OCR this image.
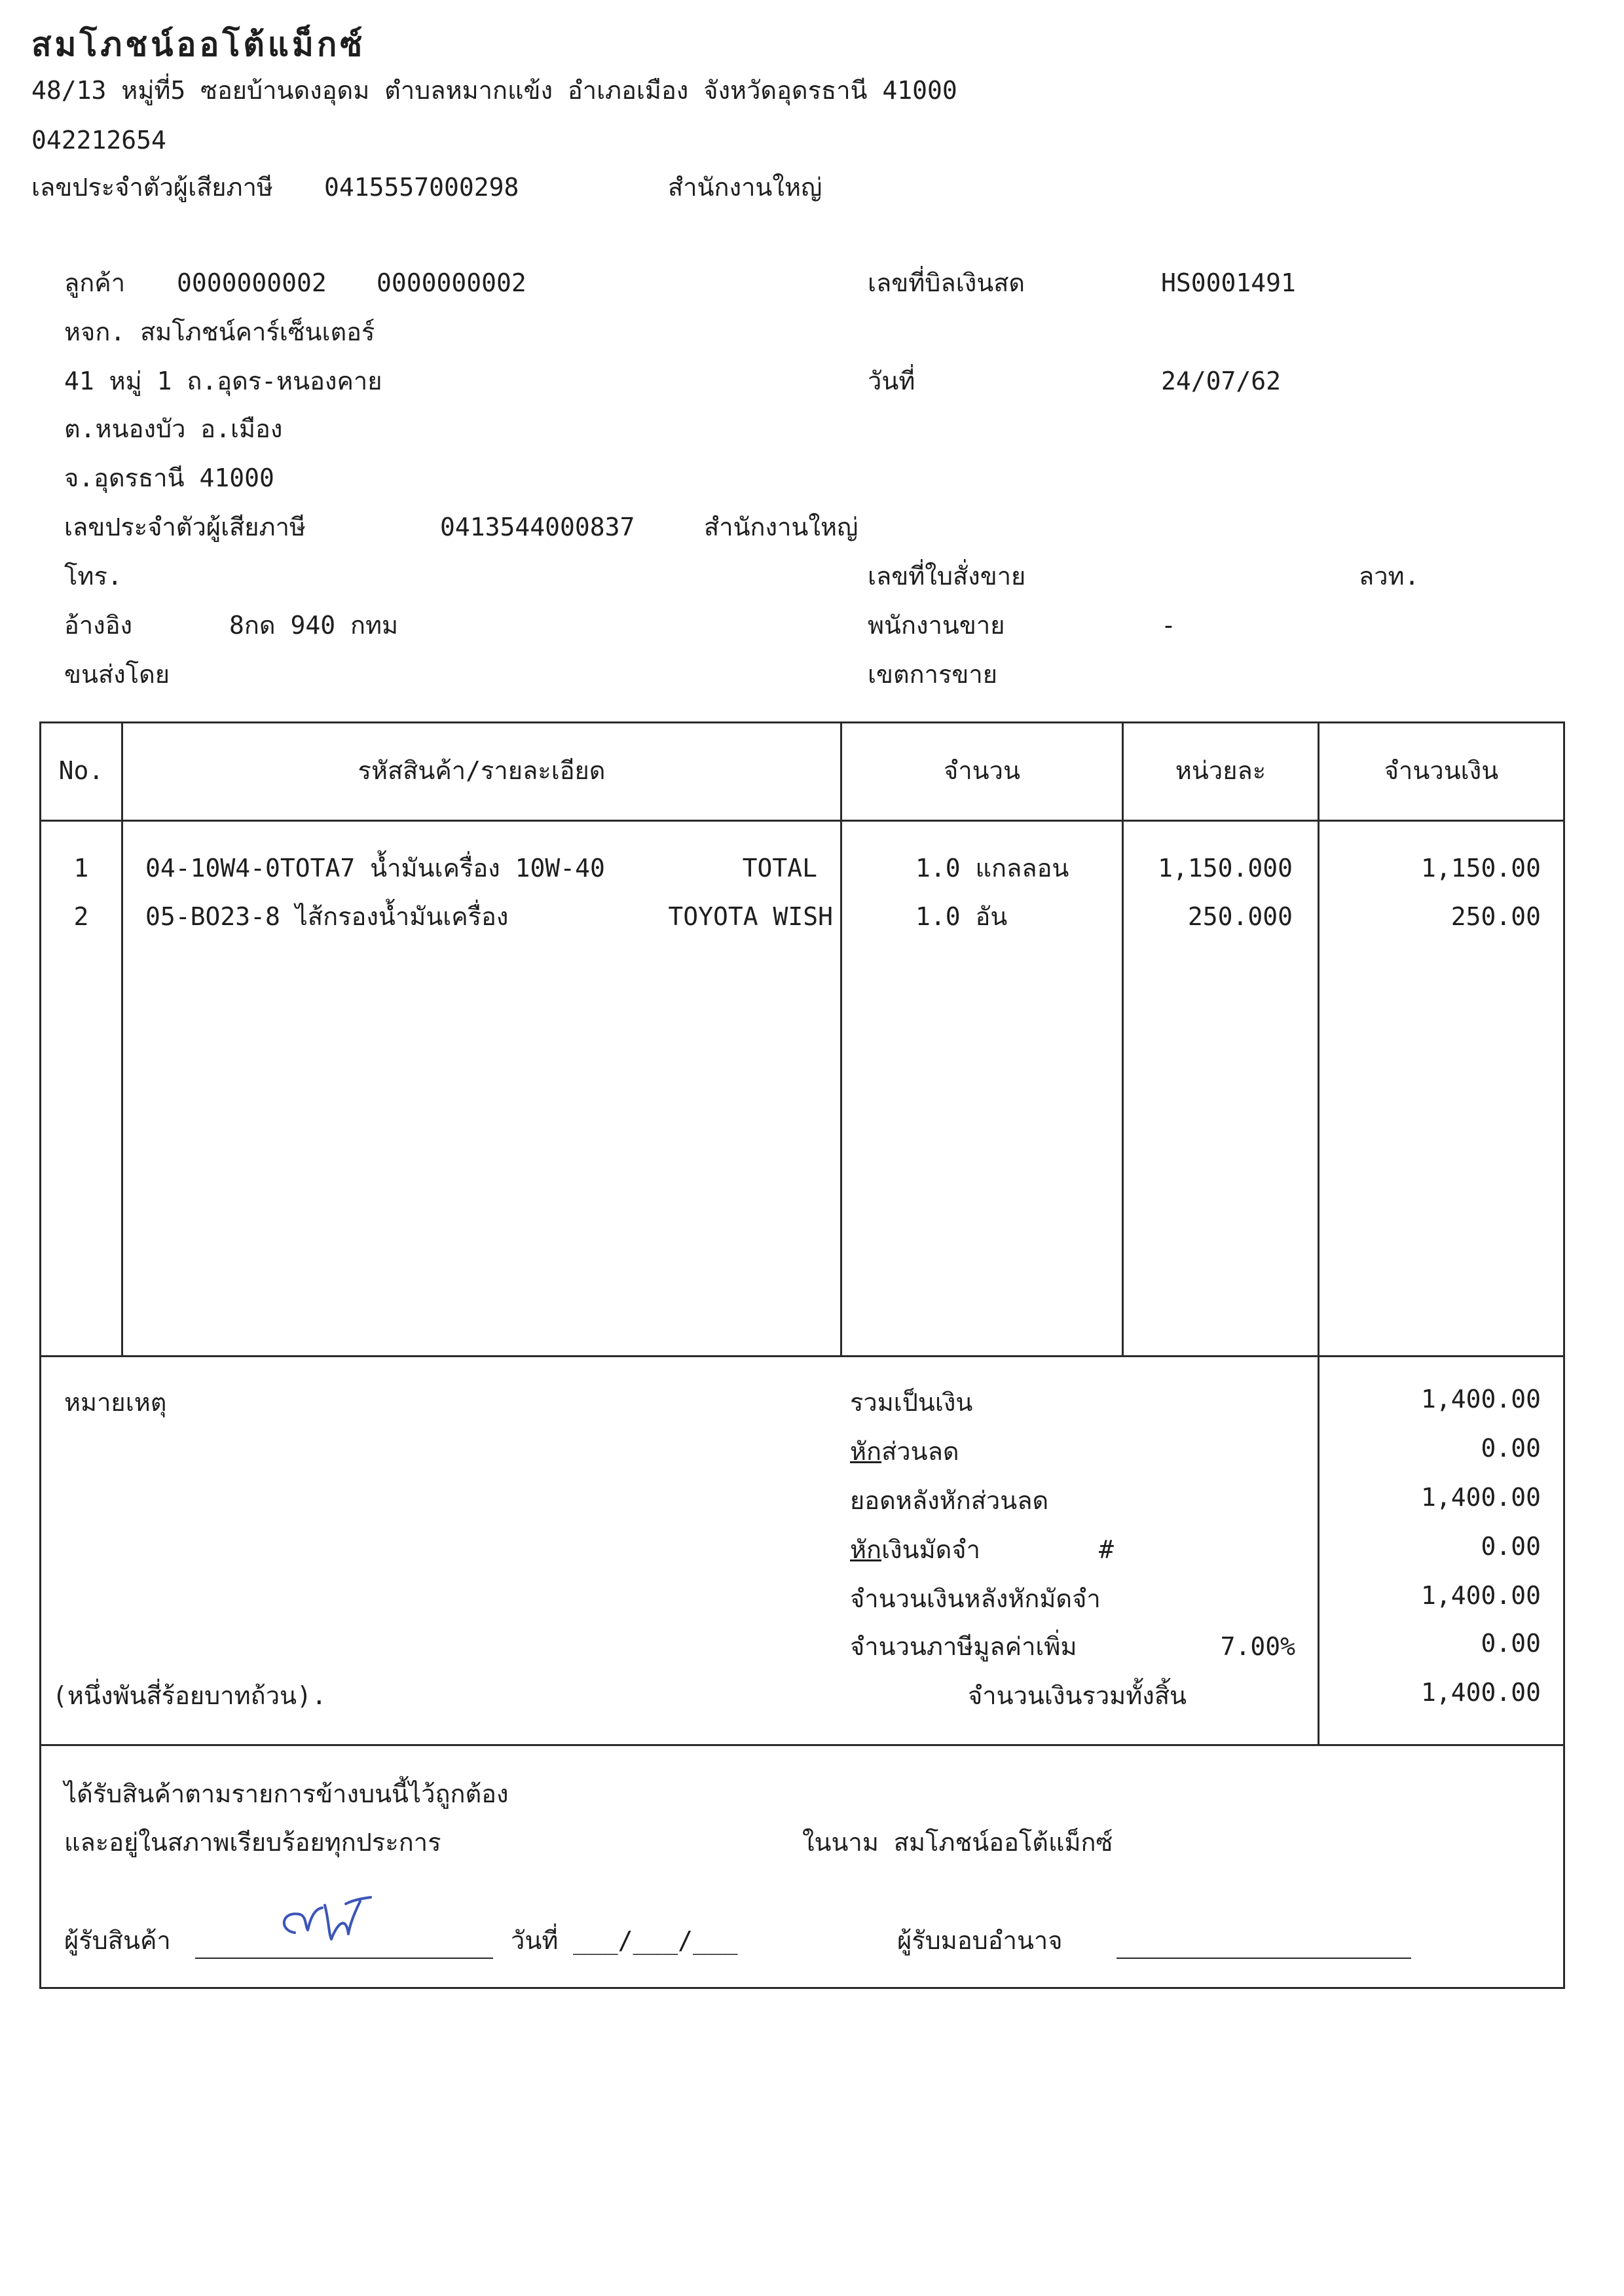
สมโภชน์ออโต้แม็กซ์
48/13 หมู่ที่5 ซอยบ้านดงอุดม ตำบลหมากแข้ง อำเภอเมือง จังหวัดอุดรธานี 41000
042212654
เลขประจำตัวผู้เสียภาษี 0415557000298	สำนักงานใหญ่
ลูกค้า 0000000002 0000000002
หจก. สมโภชน์คาร์เซ็นเตอร์
41 หมู่ 1 ถ.อุดร-หนองคาย
ต.หนองบัว อ.เมือง
จ.อุดรธานี 41000
เลขประจำตัวผู้เสียภาษี	0413544000837	สำนักงานใหญ่
โทร.
อ้างอิง	8กด 940 กทม
ขนส่งโดย
เลขที่บิลเงินสด	HS0001491
วันที่	24/07/62
เลขที่ใบสั่งขาย	ลวท.
พนักงานขาย	-
เขตการขาย
No.	รหัสสินค้า/รายละเอียด	จำนวน	หน่วยละ	จำนวนเงิน
1	04-10W4-0TOTA7 น้ำมันเครื่อง 10W-40	TOTAL	1.0 แกลลอน	1,150.000	1,150.00
2	05-BO23-8 ไส้กรองน้ำมันเครื่อง	TOYOTA WISH	1.0 อัน	250.000	250.00
หมายเหตุ
(หนึ่งพันสี่ร้อยบาทถ้วน).
รวมเป็นเงิน	1,400.00
หักส่วนลด	0.00
ยอดหลังหักส่วนลด	1,400.00
หักเงินมัดจำ	#	0.00
จำนวนเงินหลังหักมัดจำ	1,400.00
จำนวนภาษีมูลค่าเพิ่ม	7.00%	0.00
จำนวนเงินรวมทั้งสิ้น	1,400.00
ได้รับสินค้าตามรายการข้างบนนี้ไว้ถูกต้อง
และอยู่ในสภาพเรียบร้อยทุกประการ	ในนาม สมโภชน์ออโต้แม็กซ์
ผู้รับสินค้า	วันที่ ___/___/___	ผู้รับมอบอำนาจ
